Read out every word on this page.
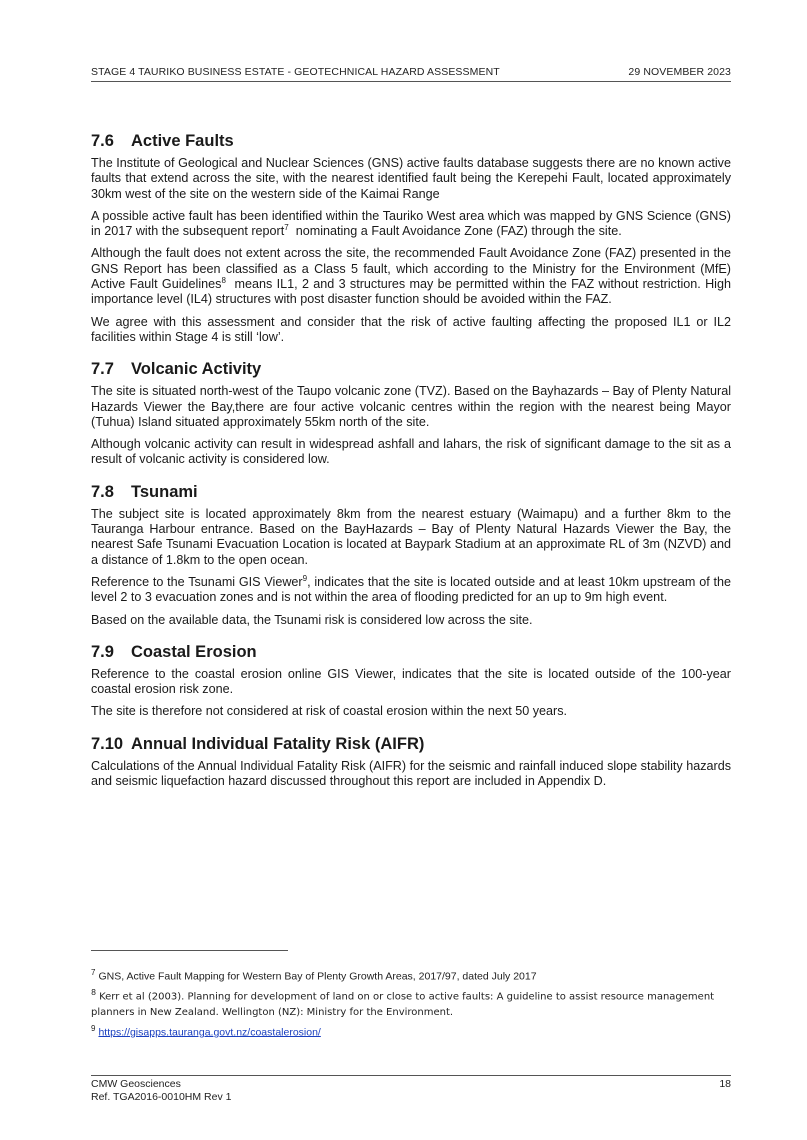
STAGE 4 TAURIKO BUSINESS ESTATE - GEOTECHNICAL HAZARD ASSESSMENT	29 NOVEMBER 2023
7.6	Active Faults

The Institute of Geological and Nuclear Sciences (GNS) active faults database suggests there are no known active faults that extend across the site, with the nearest identified fault being the Kerepehi Fault, located approximately 30km west of the site on the western side of the Kaimai Range

A possible active fault has been identified within the Tauriko West area which was mapped by GNS Science (GNS) in 2017 with the subsequent report$^7$  nominating a Fault Avoidance Zone (FAZ) through the site.

Although the fault does not extent across the site, the recommended Fault Avoidance Zone (FAZ) presented in the GNS Report has been classified as a Class 5 fault, which according to the Ministry for the Environment (MfE) Active Fault Guidelines$^8$  means IL1, 2 and 3 structures may be permitted within the FAZ without restriction. High importance level (IL4) structures with post disaster function should be avoided within the FAZ.

We agree with this assessment and consider that the risk of active faulting affecting the proposed IL1 or IL2 facilities within Stage 4 is still ‘low’.

7.7	Volcanic Activity

The site is situated north-west of the Taupo volcanic zone (TVZ). Based on the Bayhazards – Bay of Plenty Natural Hazards Viewer the Bay,there are four active volcanic centres within the region with the nearest being Mayor (Tuhua) Island situated approximately 55km north of the site.

Although volcanic activity can result in widespread ashfall and lahars, the risk of significant damage to the sit as a result of volcanic activity is considered low.

7.8	Tsunami

The subject site is located approximately 8km from the nearest estuary (Waimapu) and a further 8km to the Tauranga Harbour entrance. Based on the BayHazards – Bay of Plenty Natural Hazards Viewer the Bay, the nearest Safe Tsunami Evacuation Location is located at Baypark Stadium at an approximate RL of 3m (NZVD) and a distance of 1.8km to the open ocean.

Reference to the Tsunami GIS Viewer$^9$, indicates that the site is located outside and at least 10km upstream of the level 2 to 3 evacuation zones and is not within the area of flooding predicted for an up to 9m high event.

Based on the available data, the Tsunami risk is considered low across the site.

7.9	Coastal Erosion

Reference to the coastal erosion online GIS Viewer, indicates that the site is located outside of the 100-year coastal erosion risk zone.

The site is therefore not considered at risk of coastal erosion within the next 50 years.

7.10 Annual Individual Fatality Risk (AIFR)

Calculations of the Annual Individual Fatality Risk (AIFR) for the seismic and rainfall induced slope stability hazards and seismic liquefaction hazard discussed throughout this report are included in Appendix D.

$^7$ GNS, Active Fault Mapping for Western Bay of Plenty Growth Areas, 2017/97, dated July 2017
$^8$ Kerr et al (2003). Planning for development of land on or close to active faults: A guideline to assist resource management planners in New Zealand. Wellington (NZ): Ministry for the Environment.
$^9$ https://gisapps.tauranga.govt.nz/coastalerosion/
CMW Geosciences	18
Ref. TGA2016-0010HM Rev 1
